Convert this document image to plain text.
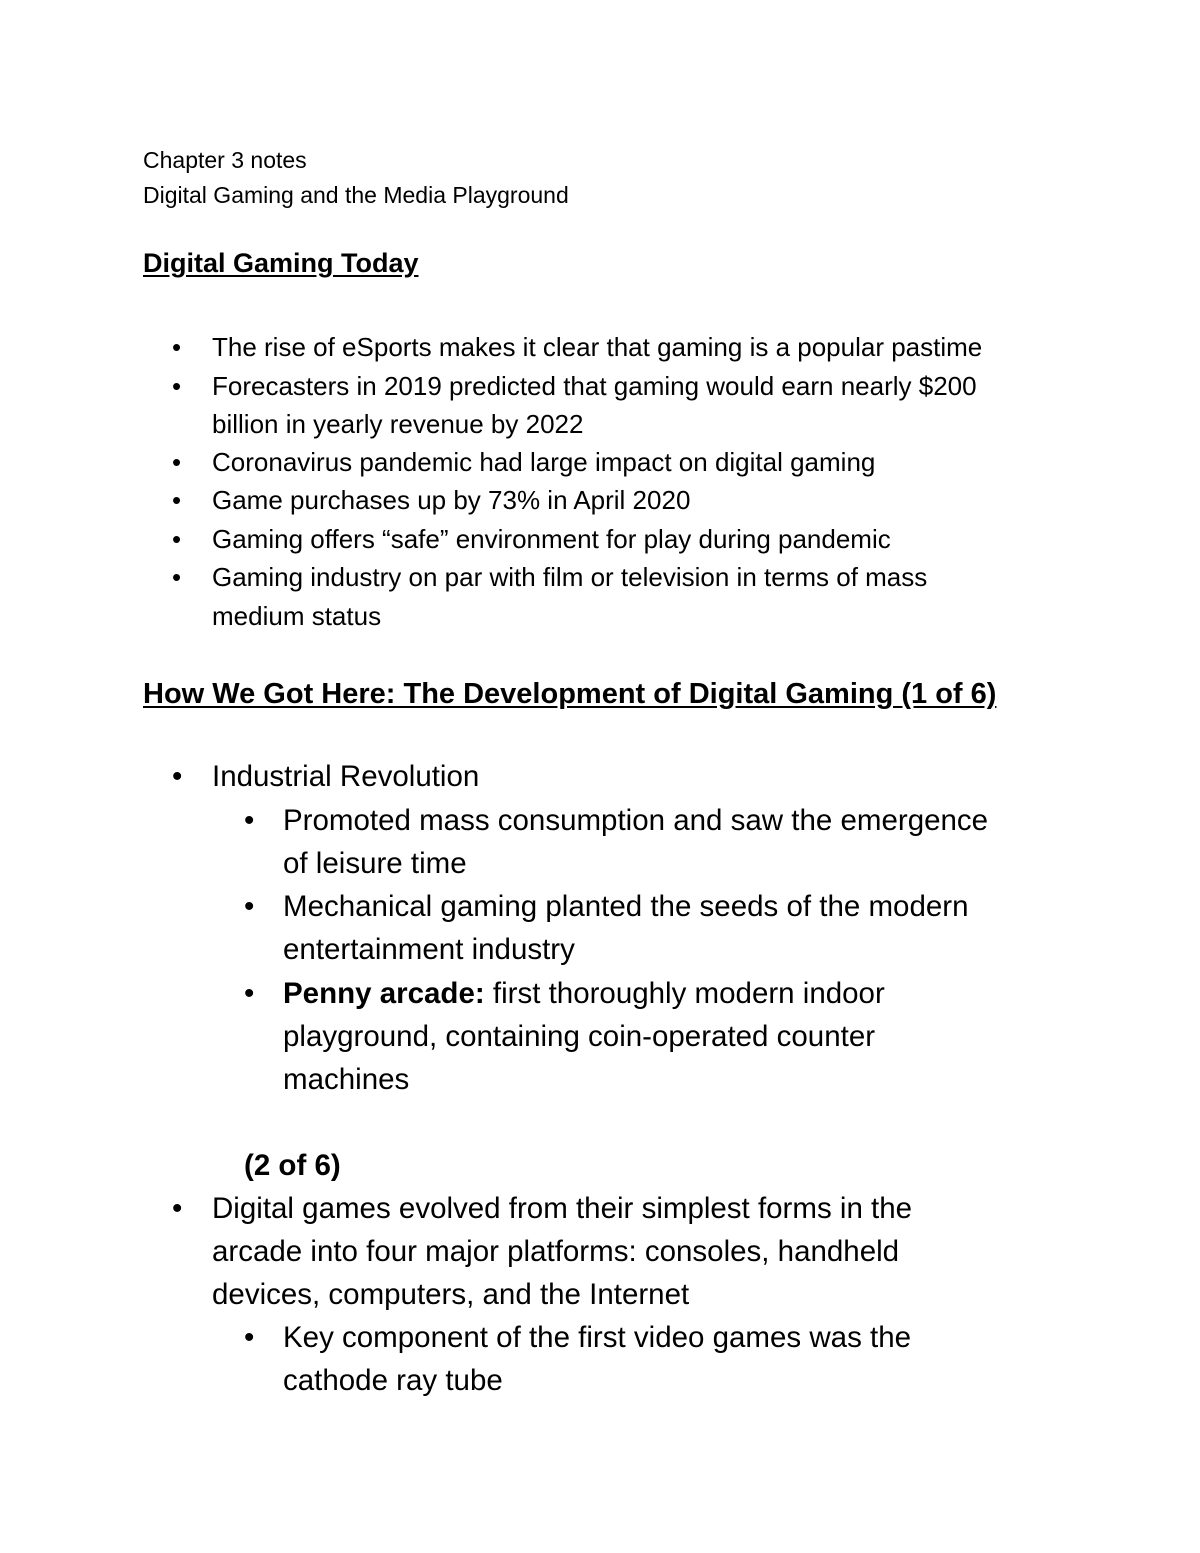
Chapter 3 notes
Digital Gaming and the Media Playground
Digital Gaming Today
• The rise of eSports makes it clear that gaming is a popular pastime
• Forecasters in 2019 predicted that gaming would earn nearly $200
billion in yearly revenue by 2022
• Coronavirus pandemic had large impact on digital gaming
• Game purchases up by 73% in April 2020
• Gaming offers “safe” environment for play during pandemic
• Gaming industry on par with film or television in terms of mass
medium status
How We Got Here: The Development of Digital Gaming (1 of 6)
• Industrial Revolution
• Promoted mass consumption and saw the emergence
of leisure time
• Mechanical gaming planted the seeds of the modern
entertainment industry
• Penny arcade: first thoroughly modern indoor
playground, containing coin-operated counter
machines
(2 of 6)
• Digital games evolved from their simplest forms in the
arcade into four major platforms: consoles, handheld
devices, computers, and the Internet
• Key component of the first video games was the
cathode ray tube
